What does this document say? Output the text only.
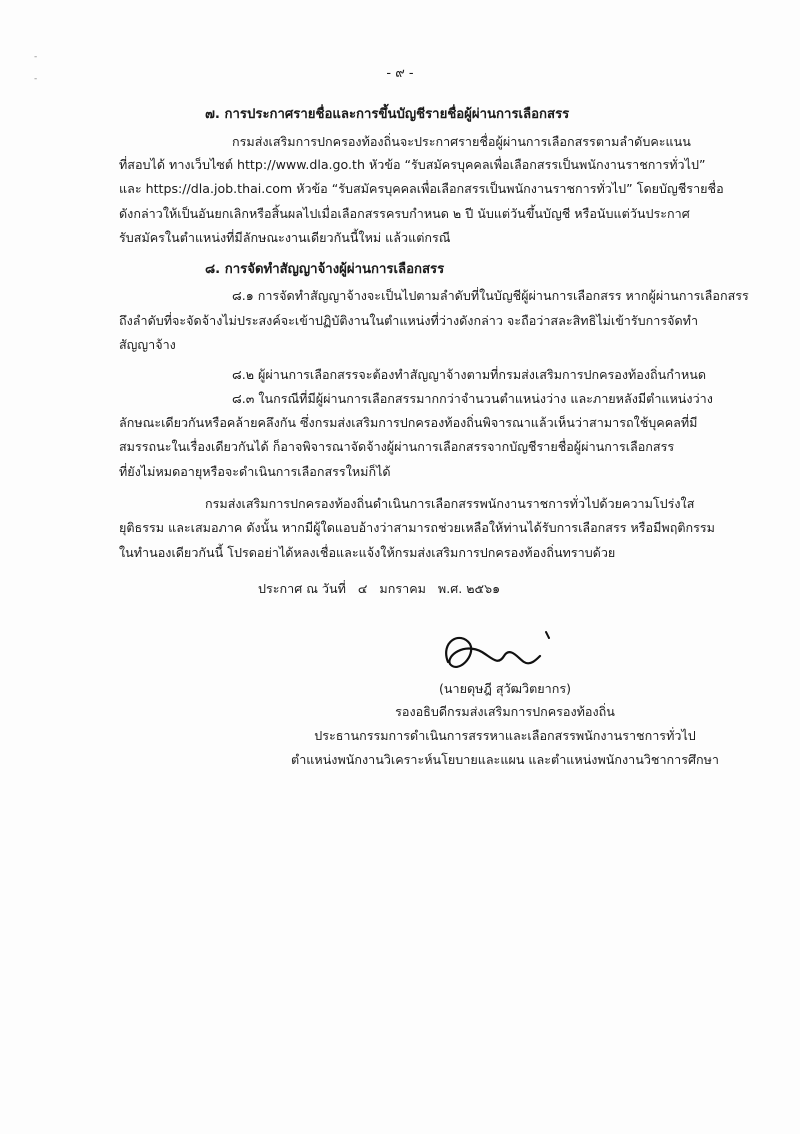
-
-	- ๙ -
๗. การประกาศรายชื่อและการขึ้นบัญชีรายชื่อผู้ผ่านการเลือกสรร
กรมส่งเสริมการปกครองท้องถิ่นจะประกาศรายชื่อผู้ผ่านการเลือกสรรตามลำดับคะแนน
ที่สอบได้ ทางเว็บไซต์ http://www.dla.go.th หัวข้อ “รับสมัครบุคคลเพื่อเลือกสรรเป็นพนักงานราชการทั่วไป”
และ https://dla.job.thai.com หัวข้อ “รับสมัครบุคคลเพื่อเลือกสรรเป็นพนักงานราชการทั่วไป” โดยบัญชีรายชื่อ
ดังกล่าวให้เป็นอันยกเลิกหรือสิ้นผลไปเมื่อเลือกสรรครบกำหนด ๒ ปี นับแต่วันขึ้นบัญชี หรือนับแต่วันประกาศ
รับสมัครในตำแหน่งที่มีลักษณะงานเดียวกันนี้ใหม่ แล้วแต่กรณี
๘. การจัดทำสัญญาจ้างผู้ผ่านการเลือกสรร
๘.๑ การจัดทำสัญญาจ้างจะเป็นไปตามลำดับที่ในบัญชีผู้ผ่านการเลือกสรร หากผู้ผ่านการเลือกสรร
ถึงลำดับที่จะจัดจ้างไม่ประสงค์จะเข้าปฏิบัติงานในตำแหน่งที่ว่างดังกล่าว จะถือว่าสละสิทธิไม่เข้ารับการจัดทำ
สัญญาจ้าง
๘.๒ ผู้ผ่านการเลือกสรรจะต้องทำสัญญาจ้างตามที่กรมส่งเสริมการปกครองท้องถิ่นกำหนด
๘.๓ ในกรณีที่มีผู้ผ่านการเลือกสรรมากกว่าจำนวนตำแหน่งว่าง และภายหลังมีตำแหน่งว่าง
ลักษณะเดียวกันหรือคล้ายคลึงกัน ซึ่งกรมส่งเสริมการปกครองท้องถิ่นพิจารณาแล้วเห็นว่าสามารถใช้บุคคลที่มี
สมรรถนะในเรื่องเดียวกันได้ ก็อาจพิจารณาจัดจ้างผู้ผ่านการเลือกสรรจากบัญชีรายชื่อผู้ผ่านการเลือกสรร
ที่ยังไม่หมดอายุหรือจะดำเนินการเลือกสรรใหม่ก็ได้
กรมส่งเสริมการปกครองท้องถิ่นดำเนินการเลือกสรรพนักงานราชการทั่วไปด้วยความโปร่งใส
ยุติธรรม และเสมอภาค ดังนั้น หากมีผู้ใดแอบอ้างว่าสามารถช่วยเหลือให้ท่านได้รับการเลือกสรร หรือมีพฤติกรรม
ในทำนองเดียวกันนี้ โปรดอย่าได้หลงเชื่อและแจ้งให้กรมส่งเสริมการปกครองท้องถิ่นทราบด้วย
ประกาศ ณ วันที่   ๔   มกราคม   พ.ศ. ๒๕๖๑
(นายดุษฎี สุวัฒวิตยากร)
รองอธิบดีกรมส่งเสริมการปกครองท้องถิ่น
ประธานกรรมการดำเนินการสรรหาและเลือกสรรพนักงานราชการทั่วไป
ตำแหน่งพนักงานวิเคราะห์นโยบายและแผน และตำแหน่งพนักงานวิชาการศึกษา
